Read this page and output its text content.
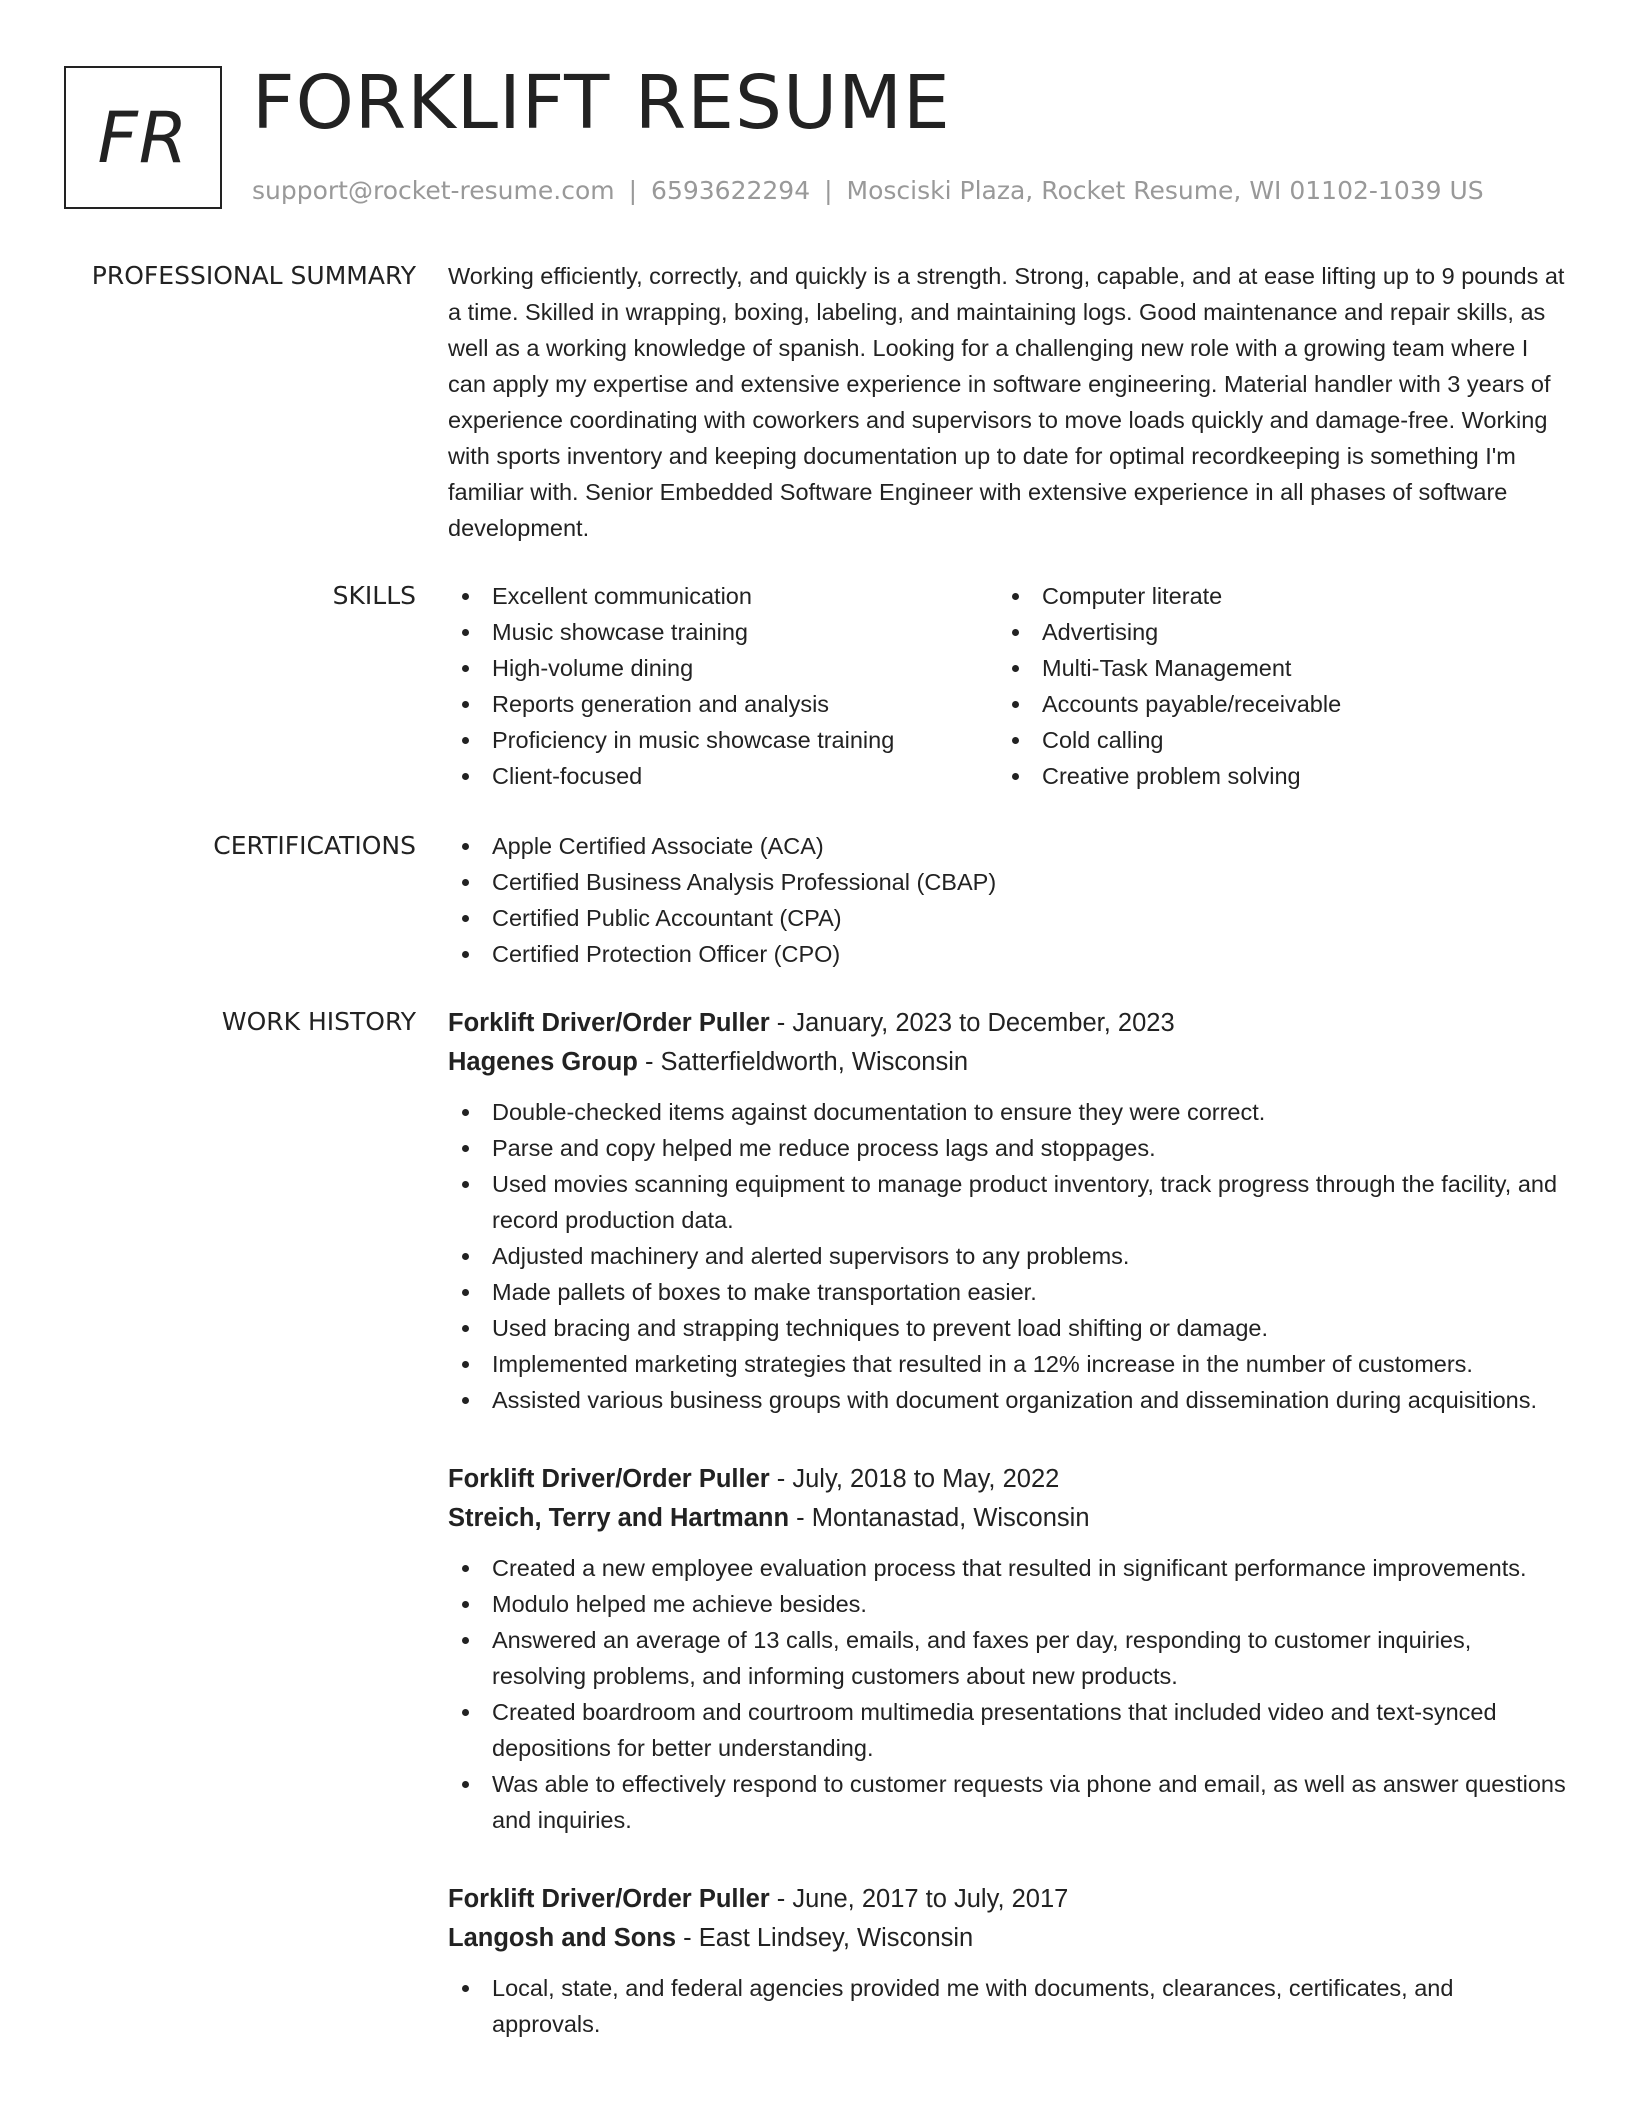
FR FORKLIFT RESUME
support@rocket-resume.com | 6593622294 | Mosciski Plaza, Rocket Resume, WI 01102-1039 US
PROFESSIONAL SUMMARY Working efficiently, correctly, and quickly is a strength. Strong, capable, and at ease lifting up to 9 pounds at a time. Skilled in wrapping, boxing, labeling, and maintaining logs. Good maintenance and repair skills, as well as a working knowledge of spanish. Looking for a challenging new role with a growing team where I can apply my expertise and extensive experience in software engineering. Material handler with 3 years of experience coordinating with coworkers and supervisors to move loads quickly and damage-free. Working with sports inventory and keeping documentation up to date for optimal recordkeeping is something I'm familiar with. Senior Embedded Software Engineer with extensive experience in all phases of software development.

SKILLS	Excellent communication
Music showcase training
High-volume dining
Reports generation and analysis
Proficiency in music showcase training
Client-focused
Computer literate
Advertising
Multi-Task Management
Accounts payable/receivable
Cold calling
Creative problem solving
CERTIFICATIONS	Apple Certified Associate (ACA)
Certified Business Analysis Professional (CBAP)
Certified Public Accountant (CPA)
Certified Protection Officer (CPO)
WORK HISTORY Forklift Driver/Order Puller - January, 2023 to December, 2023
Hagenes Group - Satterfieldworth, Wisconsin
Double-checked items against documentation to ensure they were correct.
Parse and copy helped me reduce process lags and stoppages.
Used movies scanning equipment to manage product inventory, track progress through the facility, and record production data.
Adjusted machinery and alerted supervisors to any problems.
Made pallets of boxes to make transportation easier.
Used bracing and strapping techniques to prevent load shifting or damage.
Implemented marketing strategies that resulted in a 12% increase in the number of customers.
Assisted various business groups with document organization and dissemination during acquisitions.
Forklift Driver/Order Puller - July, 2018 to May, 2022
Streich, Terry and Hartmann - Montanastad, Wisconsin
Created a new employee evaluation process that resulted in significant performance improvements.
Modulo helped me achieve besides.
Answered an average of 13 calls, emails, and faxes per day, responding to customer inquiries, resolving problems, and informing customers about new products.
Created boardroom and courtroom multimedia presentations that included video and text-synced depositions for better understanding.
Was able to effectively respond to customer requests via phone and email, as well as answer questions and inquiries.
Forklift Driver/Order Puller - June, 2017 to July, 2017
Langosh and Sons - East Lindsey, Wisconsin
Local, state, and federal agencies provided me with documents, clearances, certificates, and approvals.
